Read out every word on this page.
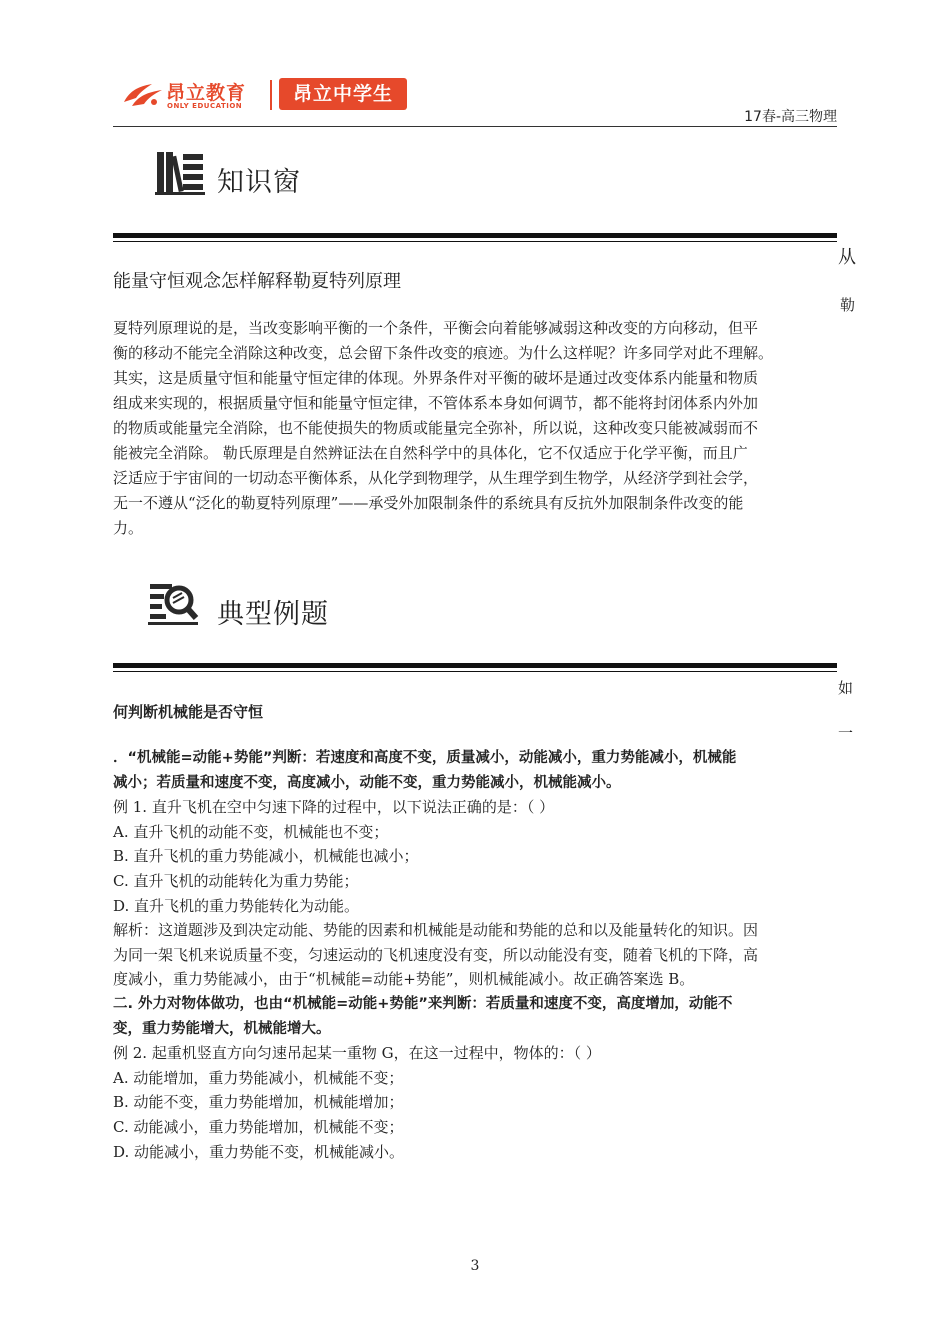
昂立教育
ONLY EDUCATION
昂立中学生
17春-高三物理
知识窗
从
勒
能量守恒观念怎样解释勒夏特列原理
夏特列原理说的是，当改变影响平衡的一个条件，平衡会向着能够减弱这种改变的方向移动，但平
衡的移动不能完全消除这种改变，总会留下条件改变的痕迹。为什么这样呢？许多同学对此不理解。
其实，这是质量守恒和能量守恒定律的体现。外界条件对平衡的破坏是通过改变体系内能量和物质
组成来实现的，根据质量守恒和能量守恒定律，不管体系本身如何调节，都不能将封闭体系内外加
的物质或能量完全消除，也不能使损失的物质或能量完全弥补，所以说，这种改变只能被减弱而不
能被完全消除。 勒氏原理是自然辨证法在自然科学中的具体化，它不仅适应于化学平衡，而且广
泛适应于宇宙间的一切动态平衡体系，从化学到物理学，从生理学到生物学，从经济学到社会学，
无一不遵从“泛化的勒夏特列原理”——承受外加限制条件的系统具有反抗外加限制条件改变的能
力。
典型例题
如
一
何判断机械能是否守恒

．“机械能=动能+势能”判断：若速度和高度不变，质量减小，动能减小，重力势能减小，机械能

减小；若质量和速度不变，高度减小，动能不变，重力势能减小，机械能减小。

例 1. 直升飞机在空中匀速下降的过程中，以下说法正确的是：（ ）

A. 直升飞机的动能不变，机械能也不变；

B. 直升飞机的重力势能减小，机械能也减小；

C. 直升飞机的动能转化为重力势能；

D. 直升飞机的重力势能转化为动能。

解析：这道题涉及到决定动能、势能的因素和机械能是动能和势能的总和以及能量转化的知识。因

为同一架飞机来说质量不变，匀速运动的飞机速度没有变，所以动能没有变，随着飞机的下降，高

度减小，重力势能减小，由于“机械能=动能+势能”，则机械能减小。故正确答案选 B。

二. 外力对物体做功，也由“机械能=动能+势能”来判断：若质量和速度不变，高度增加，动能不

变，重力势能增大，机械能增大。

例 2. 起重机竖直方向匀速吊起某一重物 G，在这一过程中，物体的：（ ）

A. 动能增加，重力势能减小，机械能不变；

B. 动能不变，重力势能增加，机械能增加；

C. 动能减小，重力势能增加，机械能不变；

D. 动能减小，重力势能不变，机械能减小。

3
